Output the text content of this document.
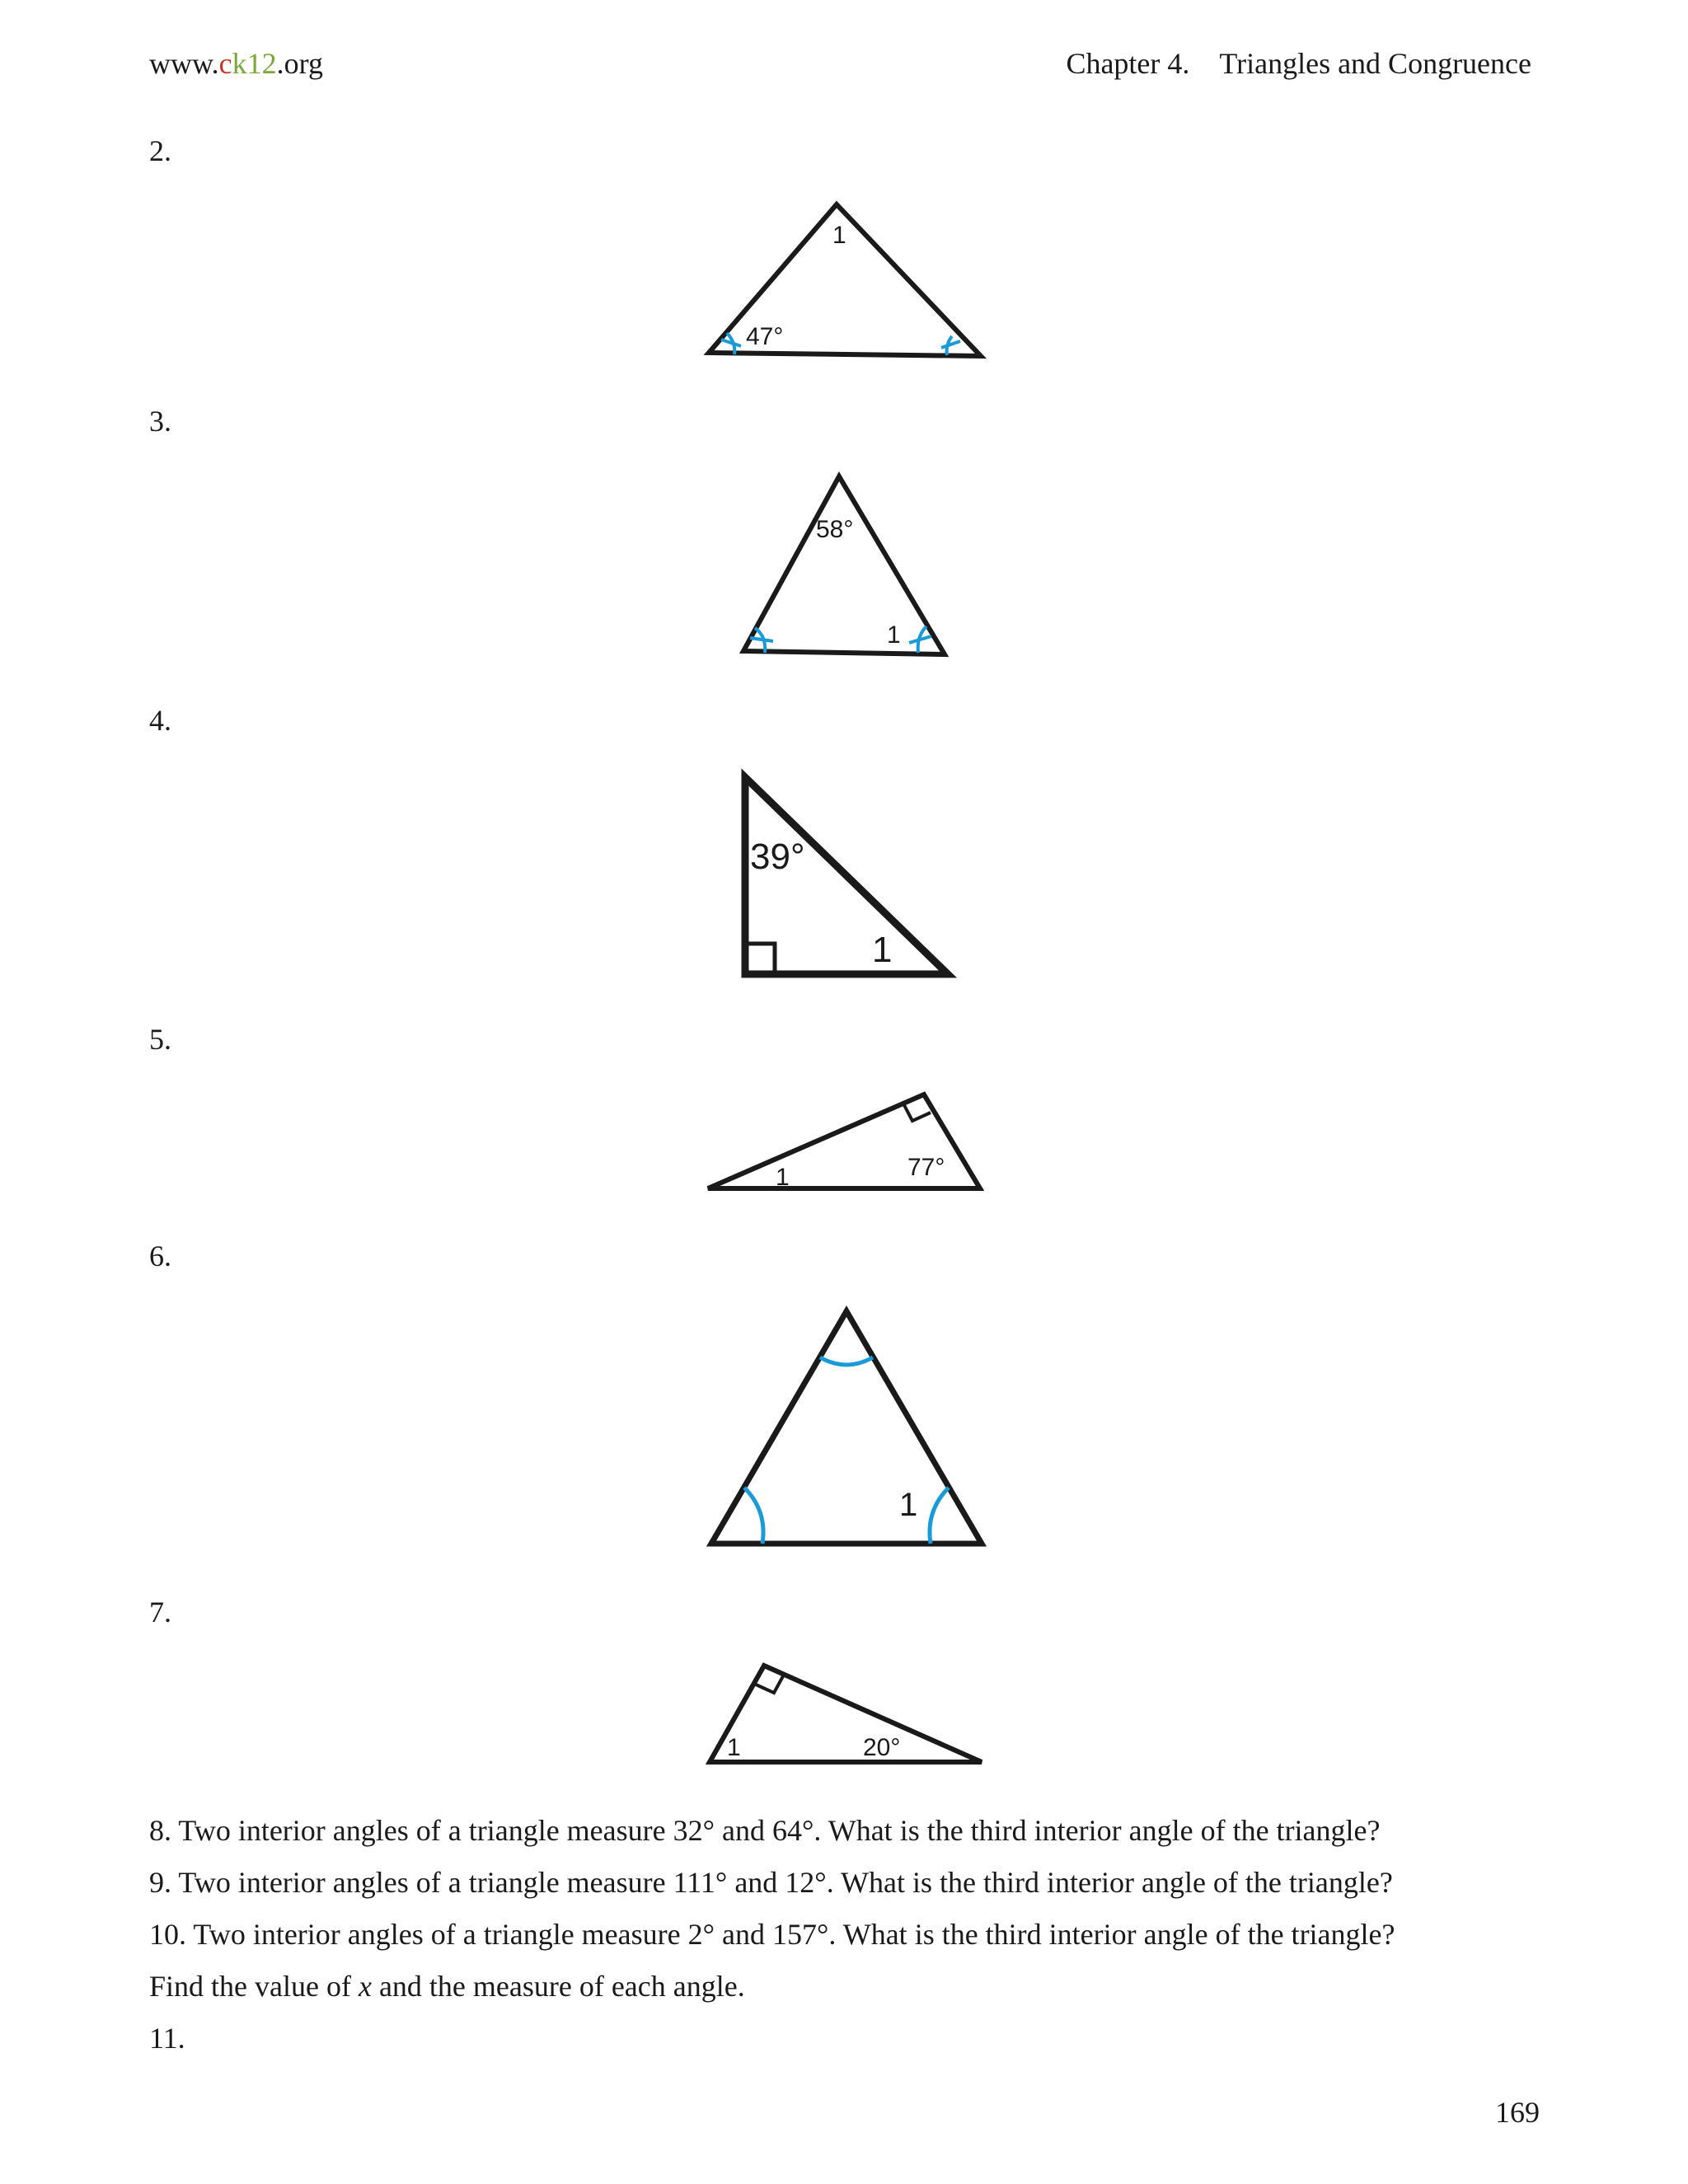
www.ck12.org	Chapter 4. Triangles and Congruence
2.
1
47°
3.
58°
1
4.
39°
1
5.
1	77°
6.
1
7.
1	20°
8. Two interior angles of a triangle measure 32° and 64°. What is the third interior angle of the triangle?
9. Two interior angles of a triangle measure 111° and 12°. What is the third interior angle of the triangle?
10. Two interior angles of a triangle measure 2° and 157°. What is the third interior angle of the triangle?
Find the value of x and the measure of each angle.
11.
169
